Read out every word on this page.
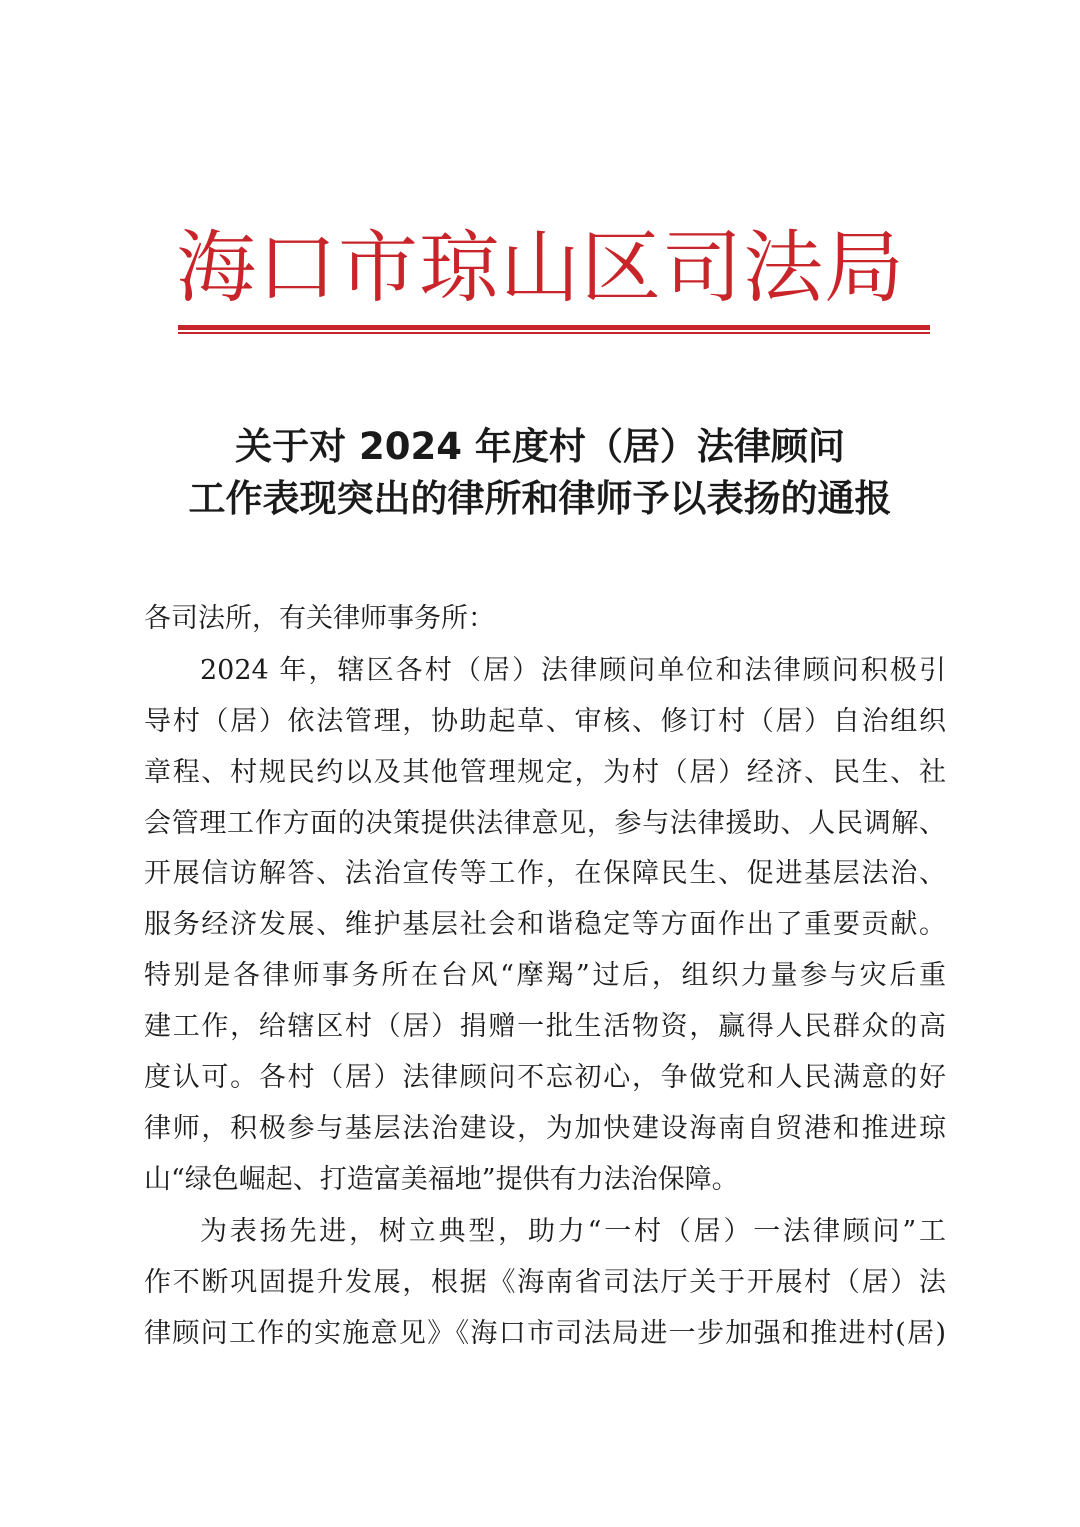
海口市琼山区司法局
关于对 2024 年度村（居）法律顾问
工作表现突出的律所和律师予以表扬的通报
各司法所，有关律师事务所：
2024 年，辖区各村（居）法律顾问单位和法律顾问积极引
导村（居）依法管理，协助起草、审核、修订村（居）自治组织
章程、村规民约以及其他管理规定，为村（居）经济、民生、社
会管理工作方面的决策提供法律意见，参与法律援助、人民调解、
开展信访解答、法治宣传等工作，在保障民生、促进基层法治、
服务经济发展、维护基层社会和谐稳定等方面作出了重要贡献。
特别是各律师事务所在台风“摩羯”过后，组织力量参与灾后重
建工作，给辖区村（居）捐赠一批生活物资，赢得人民群众的高
度认可。各村（居）法律顾问不忘初心，争做党和人民满意的好
律师，积极参与基层法治建设，为加快建设海南自贸港和推进琼
山“绿色崛起、打造富美福地”提供有力法治保障。
为表扬先进，树立典型，助力“一村（居）一法律顾问”工
作不断巩固提升发展，根据《海南省司法厅关于开展村（居）法
律顾问工作的实施意见》《海口市司法局进一步加强和推进村(居)
